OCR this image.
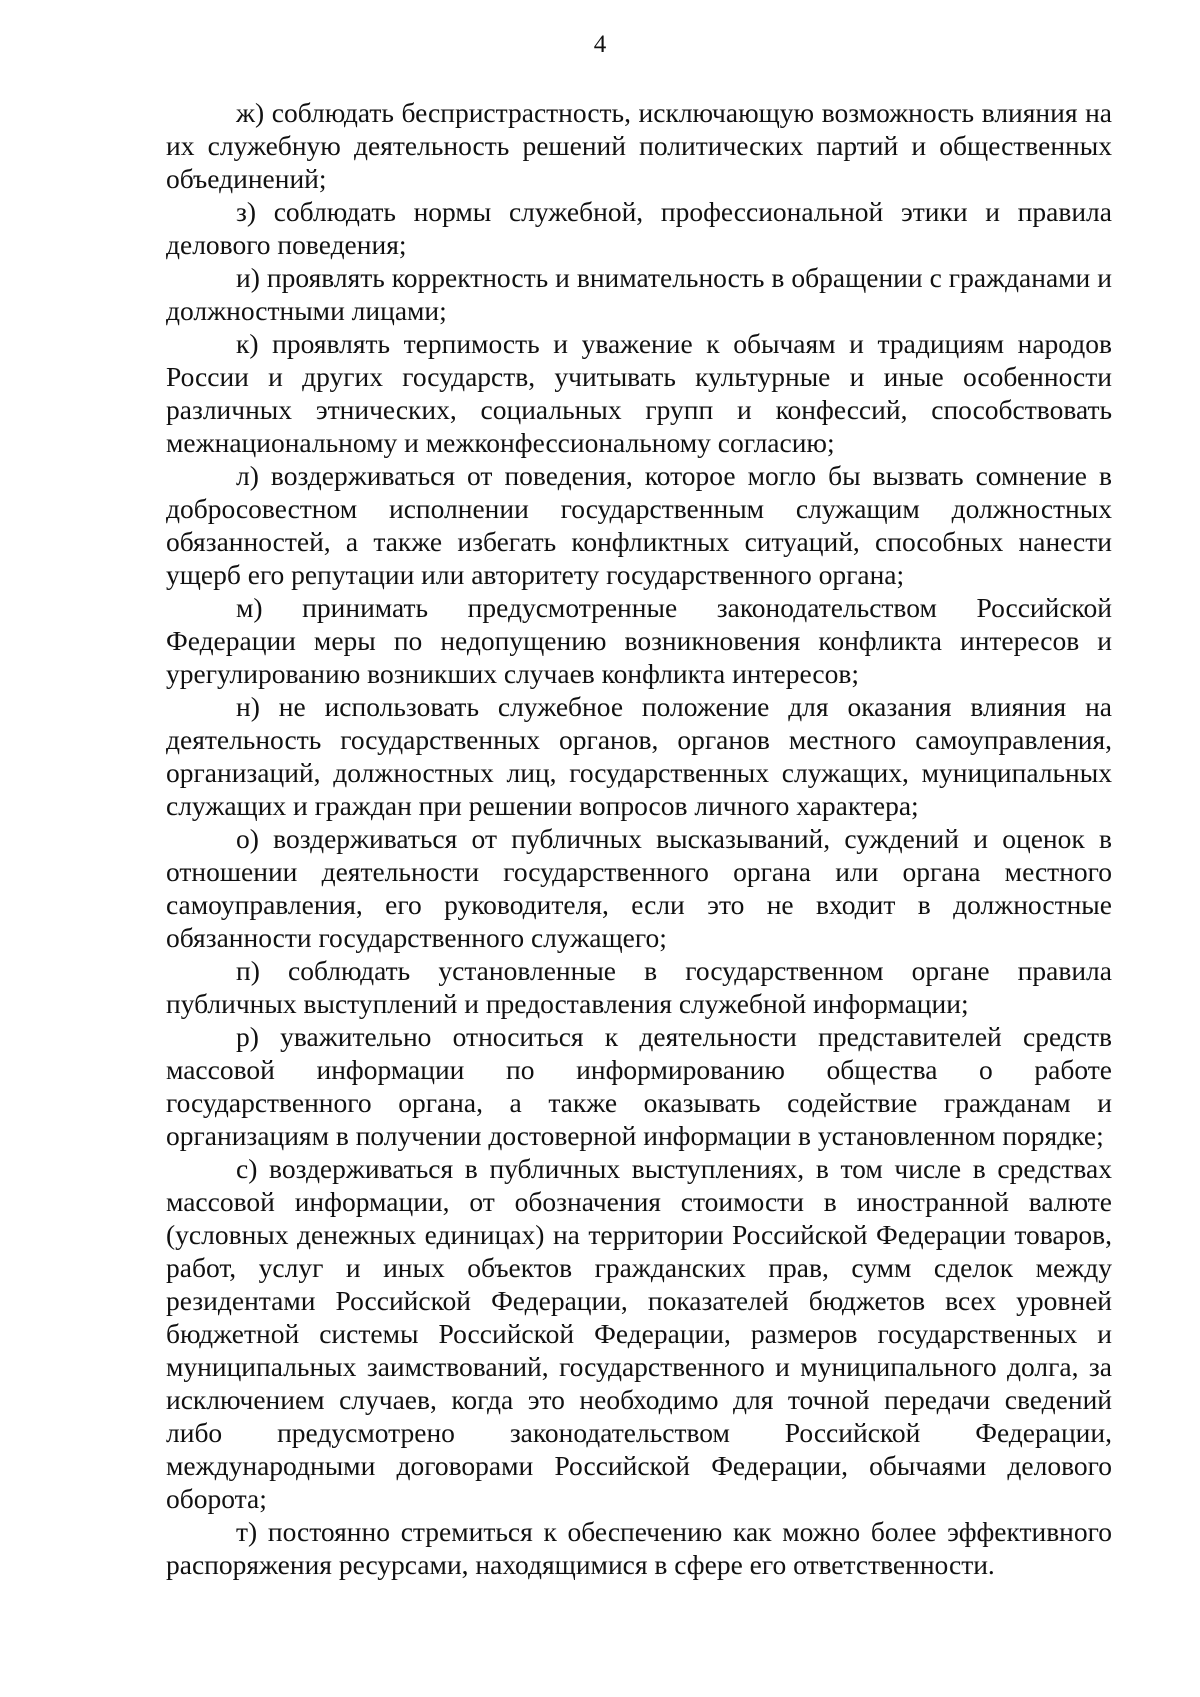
4

ж) соблюдать беспристрастность, исключающую возможность влияния на их служебную деятельность решений политических партий и общественных объединений;

з) соблюдать нормы служебной, профессиональной этики и правила делового поведения;

и) проявлять корректность и внимательность в обращении с гражданами и должностными лицами;

к) проявлять терпимость и уважение к обычаям и традициям народов России и других государств, учитывать культурные и иные особенности различных этнических, социальных групп и конфессий, способствовать межнациональному и межконфессиональному согласию;

л) воздерживаться от поведения, которое могло бы вызвать сомнение в добросовестном исполнении государственным служащим должностных обязанностей, а также избегать конфликтных ситуаций, способных нанести ущерб его репутации или авторитету государственного органа;

м) принимать предусмотренные законодательством Российской Федерации меры по недопущению возникновения конфликта интересов и урегулированию возникших случаев конфликта интересов;

н) не использовать служебное положение для оказания влияния на деятельность государственных органов, органов местного самоуправления, организаций, должностных лиц, государственных служащих, муниципальных служащих и граждан при решении вопросов личного характера;

о) воздерживаться от публичных высказываний, суждений и оценок в отношении деятельности государственного органа или органа местного самоуправления, его руководителя, если это не входит в должностные обязанности государственного служащего;

п) соблюдать установленные в государственном органе правила публичных выступлений и предоставления служебной информации;

р) уважительно относиться к деятельности представителей средств массовой информации по информированию общества о работе государственного органа, а также оказывать содействие гражданам и организациям в получении достоверной информации в установленном порядке;

с) воздерживаться в публичных выступлениях, в том числе в средствах массовой информации, от обозначения стоимости в иностранной валюте (условных денежных единицах) на территории Российской Федерации товаров, работ, услуг и иных объектов гражданских прав, сумм сделок между резидентами Российской Федерации, показателей бюджетов всех уровней бюджетной системы Российской Федерации, размеров государственных и муниципальных заимствований, государственного и муниципального долга, за исключением случаев, когда это необходимо для точной передачи сведений либо предусмотрено законодательством Российской Федерации, международными договорами Российской Федерации, обычаями делового оборота;

т) постоянно стремиться к обеспечению как можно более эффективного распоряжения ресурсами, находящимися в сфере его ответственности.
